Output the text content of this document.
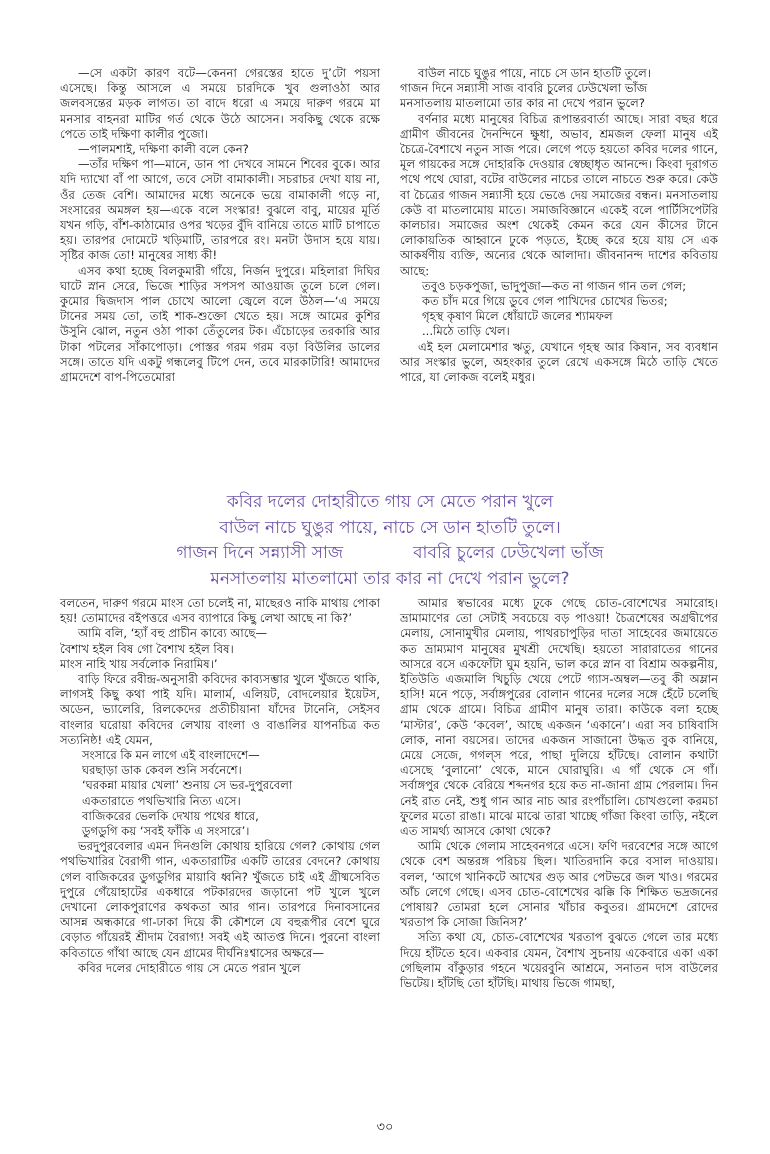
—সে একটা কারণ বটে—কেননা গেরস্তের হাতে দু’টো পয়সা এসেছে। কিন্তু আসলে এ সময়ে চারদিকে খুব গুলাওঠা আর জলবসন্তের মড়ক লাগত। তা বাদে ধরো এ সময়ে দারুণ গরমে মা মনসার বাহনরা মাটির গর্ত থেকে উঠে আসেন। সবকিছু থেকে রক্ষে পেতে তাই দক্ষিণা কালীর পুজো।

—পালমশাই, দক্ষিণা কালী বলে কেন?

—তাঁর দক্ষিণ পা—মানে, ডান পা দেখবে সামনে শিবের বুকে। আর যদি দ্যাখো বাঁ পা আগে, তবে সেটা বামাকালী। সচরাচর দেখা যায় না, ওঁর তেজ বেশি। আমাদের মধ্যে অনেকে ভয়ে বামাকালী গড়ে না, সংসারের অমঙ্গল হয়—একে বলে সংস্কার! বুঝলে বাবু, মায়ের মূর্তি যখন গড়ি, বাঁশ-কাঠামোর ওপর খড়ের বুঁদি বানিয়ে তাতে মাটি চাপাতে হয়। তারপর দোমেটে খড়িমাটি, তারপরে রং। মনটা উদাস হয়ে যায়। সৃষ্টির কাজ তো! মানুষের সাধ্য কী!

এসব কথা হচ্ছে বিলকুমারী গাঁয়ে, নির্জন দুপুরে। মহিলারা দিঘির ঘাটে স্নান সেরে, ভিজে শাড়ির সপসপ আওয়াজ তুলে চলে গেল। কুমোর দ্বিজদাস পাল চোখে আলো জ্বেলে বলে উঠল—‘এ সময়ে টানের সময় তো, তাই শাক-শুক্তো খেতে হয়। সঙ্গে আমের কুশির উসুনি ঝোল, নতুন ওঠা পাকা তেঁতুলের টক। এঁচোড়ের তরকারি আর টাকা পটলের সাঁকাপোড়া। পোস্তর গরম গরম বড়া বিউলির ডালের সঙ্গে। তাতে যদি একটু গন্ধলেবু টিপে দেন, তবে মারকাটারি! আমাদের গ্রামদেশে বাপ-পিতেমোরা

বাউল নাচে ঘুঙুর পায়ে, নাচে সে ডান হাতটি তুলে।
গাজন দিনে সন্ন্যাসী সাজ বাবরি চুলের ঢেউখেলা ভাঁজ
মনসাতলায় মাতলামো তার কার না দেখে পরান ভুলে?

বর্ণনার মধ্যে মানুষের বিচিত্র রূপান্তরবার্তা আছে। সারা বছর ধরে গ্রামীণ জীবনের দৈনন্দিনে ক্ষুধা, অভাব, শ্রমজল ফেলা মানুষ এই চৈত্রে-বৈশাখে নতুন সাজ পরে। লেগে পড়ে হয়তো কবির দলের গানে, মূল গায়কের সঙ্গে দোহারকি দেওয়ার স্বেচ্ছাধৃত আনন্দে। কিংবা দূরাগত পথে পথে ঘোরা, বটের বাউলের নাচের তালে নাচতে শুরু করে। কেউ বা চৈত্রের গাজন সন্ন্যাসী হয়ে ভেঙে দেয় সমাজের বন্ধন। মনসাতলায় কেউ বা মাতলামোয় মাতে। সমাজবিজ্ঞানে একেই বলে পার্টিসিপেটরি কালচার। সমাজের অংশ থেকেই কেমন করে যেন কীসের টানে লোকায়তিক আহ্বানে ঢুকে পড়তে, ইচ্ছে করে হয়ে যায় সে এক আকর্ষণীয় ব্যক্তি, অন্যের থেকে আলাদা। জীবনানন্দ দাশের কবিতায় আছে:

তবুও চড়কপুজা, ভাদুপুজা—কত না গাজন গান তল গেল;
কত চাঁদ মরে গিয়ে ডুবে গেল পাখিদের চোখের ভিতর;
গৃহস্থ কৃষাণ মিলে ধোঁয়াটে জলের শ্যামফল
...মিঠে তাড়ি খেল।

এই হল মেলামেশার ঋতু, যেখানে গৃহস্থ আর কিষান, সব ব্যবধান আর সংস্কার ভুলে, অহংকার তুলে রেখে একসঙ্গে মিঠে তাড়ি খেতে পারে, যা লোকজ বলেই মধুর।

কবির দলের দোহারীতে গায় সে মেতে পরান খুলে
বাউল নাচে ঘুঙুর পায়ে, নাচে সে ডান হাতটি তুলে।
গাজন দিনে সন্ন্যাসী সাজ	বাবরি চুলের ঢেউখেলা ভাঁজ
মনসাতলায় মাতলামো তার কার না দেখে পরান ভুলে?

বলতেন, দারুণ গরমে মাংস তো চলেই না, মাছেরও নাকি মাথায় পোকা হয়! তোমাদের বইপত্তরে এসব ব্যাপারে কিছু লেখা আছে না কি?’

আমি বলি, ‘হ্যাঁ বহু প্রাচীন কাব্যে আছে—
বৈশাখ হইল বিষ গো বৈশাখ হইল বিষ।
মাংস নাহি খায় সর্বলোক নিরামিষ।’

বাড়ি ফিরে রবীন্দ্র-অনুসারী কবিদের কাব্যসম্ভার খুলে খুঁজতে থাকি, লাগসই কিছু কথা পাই যদি। মালার্ম, এলিয়ট, বোদলেয়ার ইয়েটস, অডেন, ভ্যালেরি, রিলকেদের প্রতীচীয়ানা যাঁদের টানেনি, সেইসব বাংলার ঘরোয়া কবিদের লেখায় বাংলা ও বাঙালির যাপনচিত্র কত সত্যনিষ্ঠ! এই যেমন,

সংসারে কি মন লাগে এই বাংলাদেশে—
ঘরছাড়া ডাক কেবল শুনি সর্বনেশে।
‘ঘরকন্না মায়ার খেলা’ শুনায় সে ভর-দুপুরবেলা
একতারাতে পথভিখারি নিত্য এসে।
বাজিকরের ভেলকি দেখায় পথের ধারে,
ডুগডুগি কয় ‘সবই ফাঁকি এ সংসারে’।

ভরদুপুরবেলার এমন দিনগুলি কোথায় হারিয়ে গেল? কোথায় গেল পথভিখারির বৈরাগী গান, একতারাটির একটি তারের বেদনে? কোথায় গেল বাজিকরের ডুগডুগির মায়াবি ধ্বনি? খুঁজতে চাই এই গ্রীষ্মসেবিত দুপুরে গেঁয়োহাটের একধারে পটকারদের জড়ানো পট খুলে খুলে দেখানো লোকপুরাণের কথকতা আর গান। তারপরে দিনাবসানের আসন্ন অন্ধকারে গা-ঢাকা দিয়ে কী কৌশলে যে বহুরূপীর বেশে ঘুরে বেড়াত গাঁয়েরই শ্রীদাম বৈরাগ্য! সবই এই আতপ্ত দিনে। পুরনো বাংলা কবিতাতে গাঁথা আছে যেন গ্রামের দীর্ঘনিঃশ্বাসের অক্ষরে—

কবির দলের দোহারীতে গায় সে মেতে পরান খুলে

আমার স্বভাবের মধ্যে ঢুকে গেছে চোত-বোশেখের সমারোহ। ভ্রামামাণের তো সেটাই সবচেয়ে বড় পাওয়া! চৈত্রশেষের অগ্রদ্বীপের মেলায়, সোনামুখীর মেলায়, পাথরচাপুড়ির দাতা সাহেবের জমায়েতে কত ভ্রাম্যমাণ মানুষের মুখশ্রী দেখেছি। হয়তো সারারাতের গানের আসরে বসে একফোঁটা ঘুম হয়নি, ভাল করে স্নান বা বিশ্রাম অকল্পনীয়, ইতিউতি এজমালি খিচুড়ি খেয়ে পেটে গ্যাস-অম্বল—তবু কী অম্লান হাসি! মনে পড়ে, সর্বাঙ্গপুরের বোলান গানের দলের সঙ্গে হেঁটে চলেছি গ্রাম থেকে গ্রামে। বিচিত্র গ্রামীণ মানুষ তারা। কাউকে বলা হচ্ছে ‘মাস্টার’, কেউ ‘কবেল’, আছে একজন ‘একানে’। এরা সব চাষিবাসি লোক, নানা বয়সের। তাদের একজন সাজানো উদ্ধত বুক বানিয়ে, মেয়ে সেজে, গগল্‌স পরে, পাছা দুলিয়ে হাঁটছে। বোলান কথাটা এসেছে ‘বুলানো’ থেকে, মানে ঘোরাঘুরি। এ গাঁ থেকে সে গাঁ। সর্বাঙ্গপুর থেকে বেরিয়ে শব্দনগর হয়ে কত না-জানা গ্রাম পেরলাম। দিন নেই রাত নেই, শুধু গান আর নাচ আর রংপাঁচালি। চোখগুলো করমচা ফুলের মতো রাঙা। মাঝে মাঝে তারা খাচ্ছে গাঁজা কিংবা তাড়ি, নইলে এত সামর্থ্য আসবে কোথা থেকে?

আমি থেকে গেলাম সাহেবনগরে এসে। ফণি দরবেশের সঙ্গে আগে থেকে বেশ অন্তরঙ্গ পরিচয় ছিল। খাতিরদানি করে বসাল দাওয়ায়। বলল, ‘আগে খানিকটে আখের গুড় আর পেটভরে জল খাও। গরমের আঁচ লেগে গেছে। এসব চোত-বোশেখের ঝক্কি কি শিক্ষিত ভদ্রজনের পোষায়? তোমরা হলে সোনার খাঁচার কবুতর। গ্রামদেশে রোদের খরতাপ কি সোজা জিনিস?’

সত্যি কথা যে, চোত-বোশেখের খরতাপ বুঝতে গেলে তার মধ্যে দিয়ে হাঁটতে হবে। একবার যেমন, বৈশাখ সুচনায় একেবারে একা একা গেছিলাম বাঁকুড়ার গহনে খয়েরবুনি আশ্রমে, সনাতন দাস বাউলের ভিটেয়। হাঁটছি তো হাঁটছি। মাথায় ভিজে গামছা,

৩০
